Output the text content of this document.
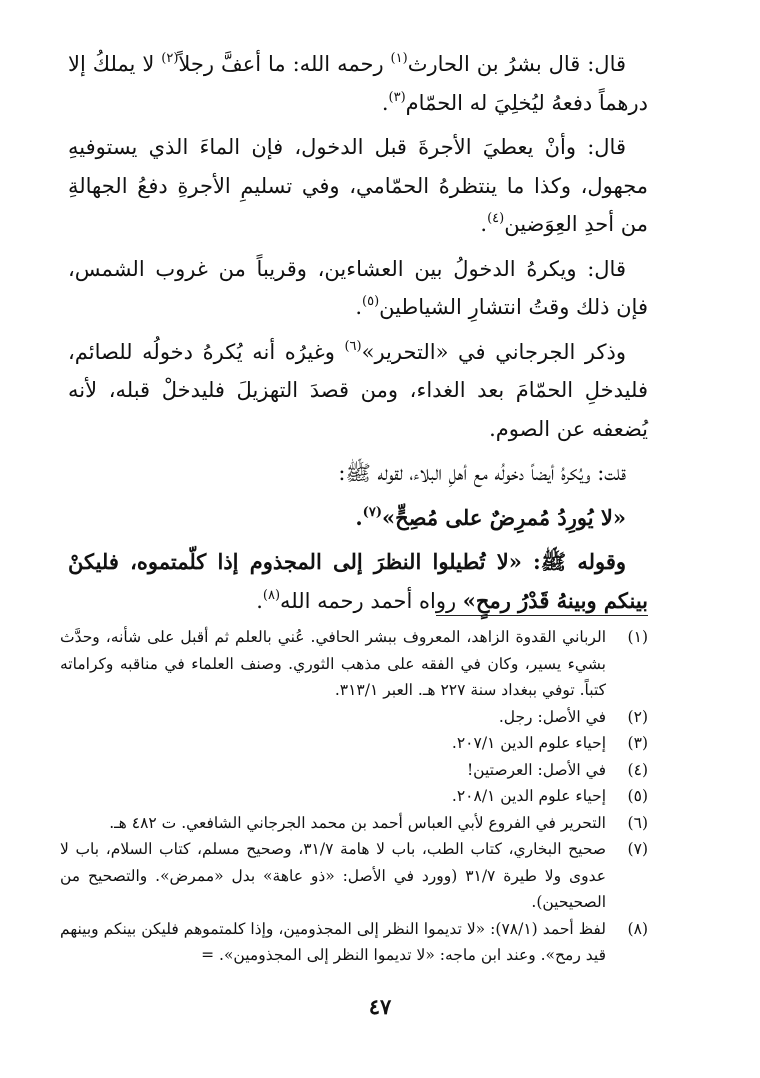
قال: قال بشرُ بن الحارث$^{(١)}$ رحمه الله: ما أعفَّ رجلاً$^{(٢)}$ لا يملكُ إلا درهماً دفعهُ ليُخلِيَ له الحمّام$^{(٣)}$.

قال: وأنْ يعطيَ الأجرةَ قبل الدخول، فإن الماءَ الذي يستوفيهِ مجهول، وكذا ما ينتظرهُ الحمّامي، وفي تسليمِ الأجرةِ دفعُ الجهالةِ من أحدِ العِوَضين$^{(٤)}$.

قال: ويكرهُ الدخولُ بين العشاءين، وقريباً من غروب الشمس، فإن ذلك وقتُ انتشارِ الشياطين$^{(٥)}$.

وذكر الجرجاني في «التحرير»$^{(٦)}$ وغيرُه أنه يُكرهُ دخولُه للصائم، فليدخلِ الحمّامَ بعد الغداء، ومن قصدَ التهزيلَ فليدخلْ قبله، لأنه يُضعفه عن الصوم.

قلت: ويُكرهُ أيضاً دخولُه مع أهلِ البلاء، لقوله ﷺ:

«لا يُورِدُ مُمرِضٌ على مُصِحٍّ»$^{(٧)}$.

وقوله ﷺ: «لا تُطيلوا النظرَ إلى المجذوم إذا كلّمتموه، فليكنْ بينكم وبينهُ قَدْرُ رمحٍ» رواه أحمد رحمه الله$^{(٨)}$.

(١)
الرباني القدوة الزاهد، المعروف ببشر الحافي. عُني بالعلم ثم أقبل على شأنه، وحدَّث بشيء يسير، وكان في الفقه على مذهب الثوري. وصنف العلماء في مناقبه وكراماته كتباً. توفي ببغداد سنة ٢٢٧ هـ. العبر ٣١٣/١.
(٢)
في الأصل: رجل.
(٣)
إحياء علوم الدين ٢٠٧/١.
(٤)
في الأصل: العرصتين!
(٥)
إحياء علوم الدين ٢٠٨/١.
(٦)
التحرير في الفروع لأبي العباس أحمد بن محمد الجرجاني الشافعي. ت ٤٨٢ هـ.
(٧)
صحيح البخاري، كتاب الطب، باب لا هامة ٣١/٧، وصحيح مسلم، كتاب السلام، باب لا عدوى ولا طيرة ٣١/٧ (وورد في الأصل: «ذو عاهة» بدل «ممرض». والتصحيح من الصحيحين).
(٨)
لفظ أحمد (٧٨/١): «لا تديموا النظر إلى المجذومين، وإذا كلمتموهم فليكن بينكم وبينهم قيد رمح». وعند ابن ماجه: «لا تديموا النظر إلى المجذومين». =
٤٧
